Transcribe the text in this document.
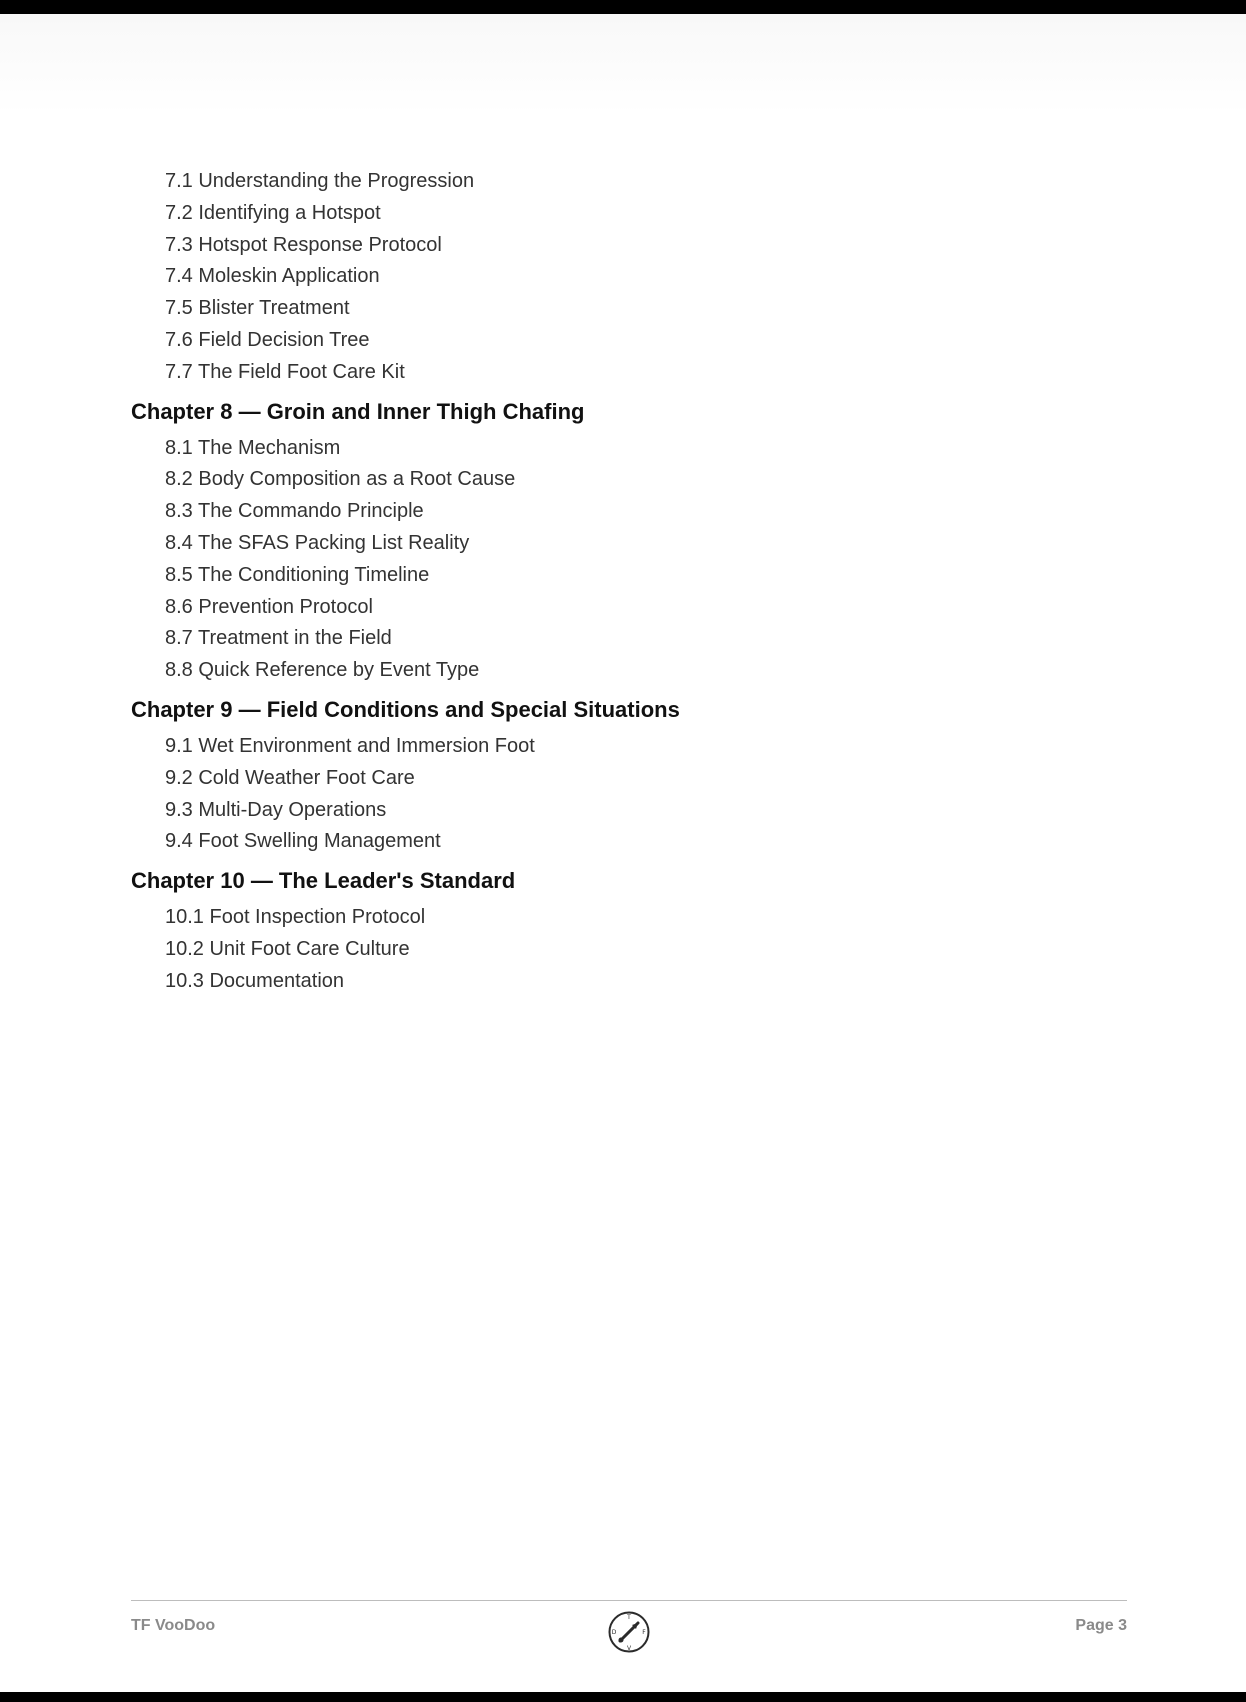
7.1 Understanding the Progression
7.2 Identifying a Hotspot
7.3 Hotspot Response Protocol
7.4 Moleskin Application
7.5 Blister Treatment
7.6 Field Decision Tree
7.7 The Field Foot Care Kit
Chapter 8 — Groin and Inner Thigh Chafing
8.1 The Mechanism
8.2 Body Composition as a Root Cause
8.3 The Commando Principle
8.4 The SFAS Packing List Reality
8.5 The Conditioning Timeline
8.6 Prevention Protocol
8.7 Treatment in the Field
8.8 Quick Reference by Event Type
Chapter 9 — Field Conditions and Special Situations
9.1 Wet Environment and Immersion Foot
9.2 Cold Weather Foot Care
9.3 Multi-Day Operations
9.4 Foot Swelling Management
Chapter 10 — The Leader's Standard
10.1 Foot Inspection Protocol
10.2 Unit Foot Care Culture
10.3 Documentation
TF VooDoo	T
F
V
D	Page 3
